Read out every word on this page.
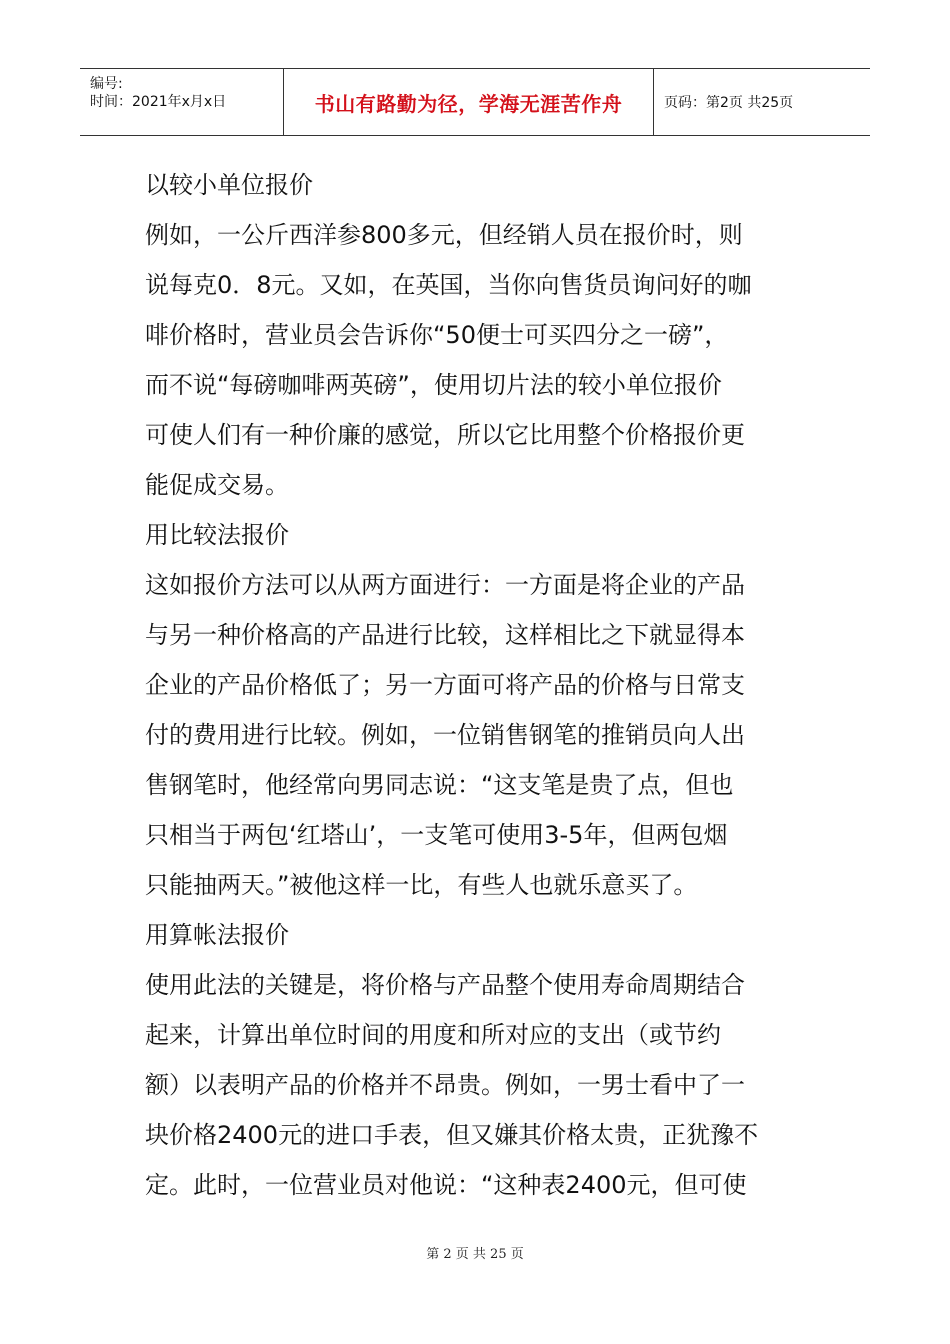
编号:
时间：2021年x月x日	书山有路勤为径，学海无涯苦作舟	页码：第2页 共25页
以较小单位报价
例如，一公斤西洋参800多元，但经销人员在报价时，则
说每克0．8元。又如，在英国，当你向售货员询问好的咖
啡价格时，营业员会告诉你“50便士可买四分之一磅”，
而不说“每磅咖啡两英磅”，使用切片法的较小单位报价
可使人们有一种价廉的感觉，所以它比用整个价格报价更
能促成交易。
用比较法报价
这如报价方法可以从两方面进行：一方面是将企业的产品
与另一种价格高的产品进行比较，这样相比之下就显得本
企业的产品价格低了；另一方面可将产品的价格与日常支
付的费用进行比较。例如，一位销售钢笔的推销员向人出
售钢笔时，他经常向男同志说：“这支笔是贵了点，但也
只相当于两包‘红塔山’，一支笔可使用3-5年，但两包烟
只能抽两天。”被他这样一比，有些人也就乐意买了。
用算帐法报价
使用此法的关键是，将价格与产品整个使用寿命周期结合
起来，计算出单位时间的用度和所对应的支出（或节约
额）以表明产品的价格并不昂贵。例如，一男士看中了一
块价格2400元的进口手表，但又嫌其价格太贵，正犹豫不
定。此时，一位营业员对他说：“这种表2400元，但可使
第 2 页 共 25 页
